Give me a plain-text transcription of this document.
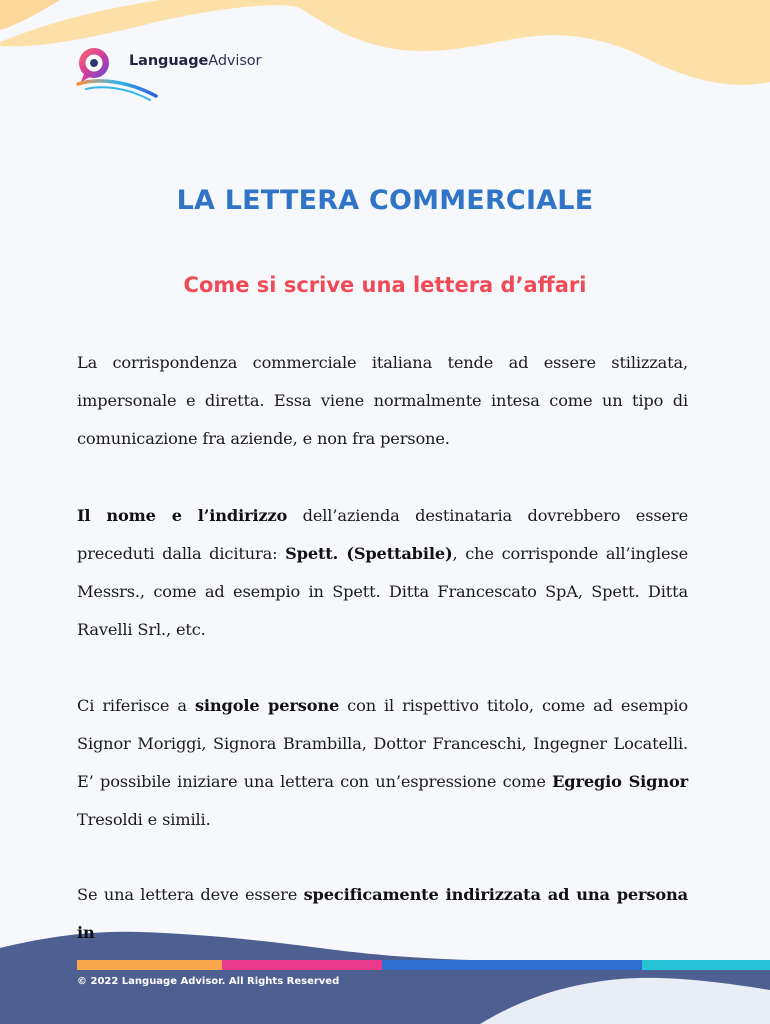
LanguageAdvisor
LA LETTERA COMMERCIALE
Come si scrive una lettera d’affari

La corrispondenza commerciale italiana tende ad essere stilizzata, impersonale e diretta. Essa viene normalmente intesa come un tipo di comunicazione fra aziende, e non fra persone.

Il nome e l’indirizzo dell’azienda destinataria dovrebbero essere preceduti dalla dicitura: Spett. (Spettabile), che corrisponde all’inglese Messrs., come ad esempio in Spett. Ditta Francescato SpA, Spett. Ditta Ravelli Srl., etc.

Ci riferisce a singole persone con il rispettivo titolo, come ad esempio Signor Moriggi, Signora Brambilla, Dottor Franceschi, Ingegner Locatelli. E’ possibile iniziare una lettera con un’espressione come Egregio Signor Tresoldi e simili.

Se una lettera deve essere specificamente indirizzata ad una persona in

© 2022 Language Advisor. All Rights Reserved
